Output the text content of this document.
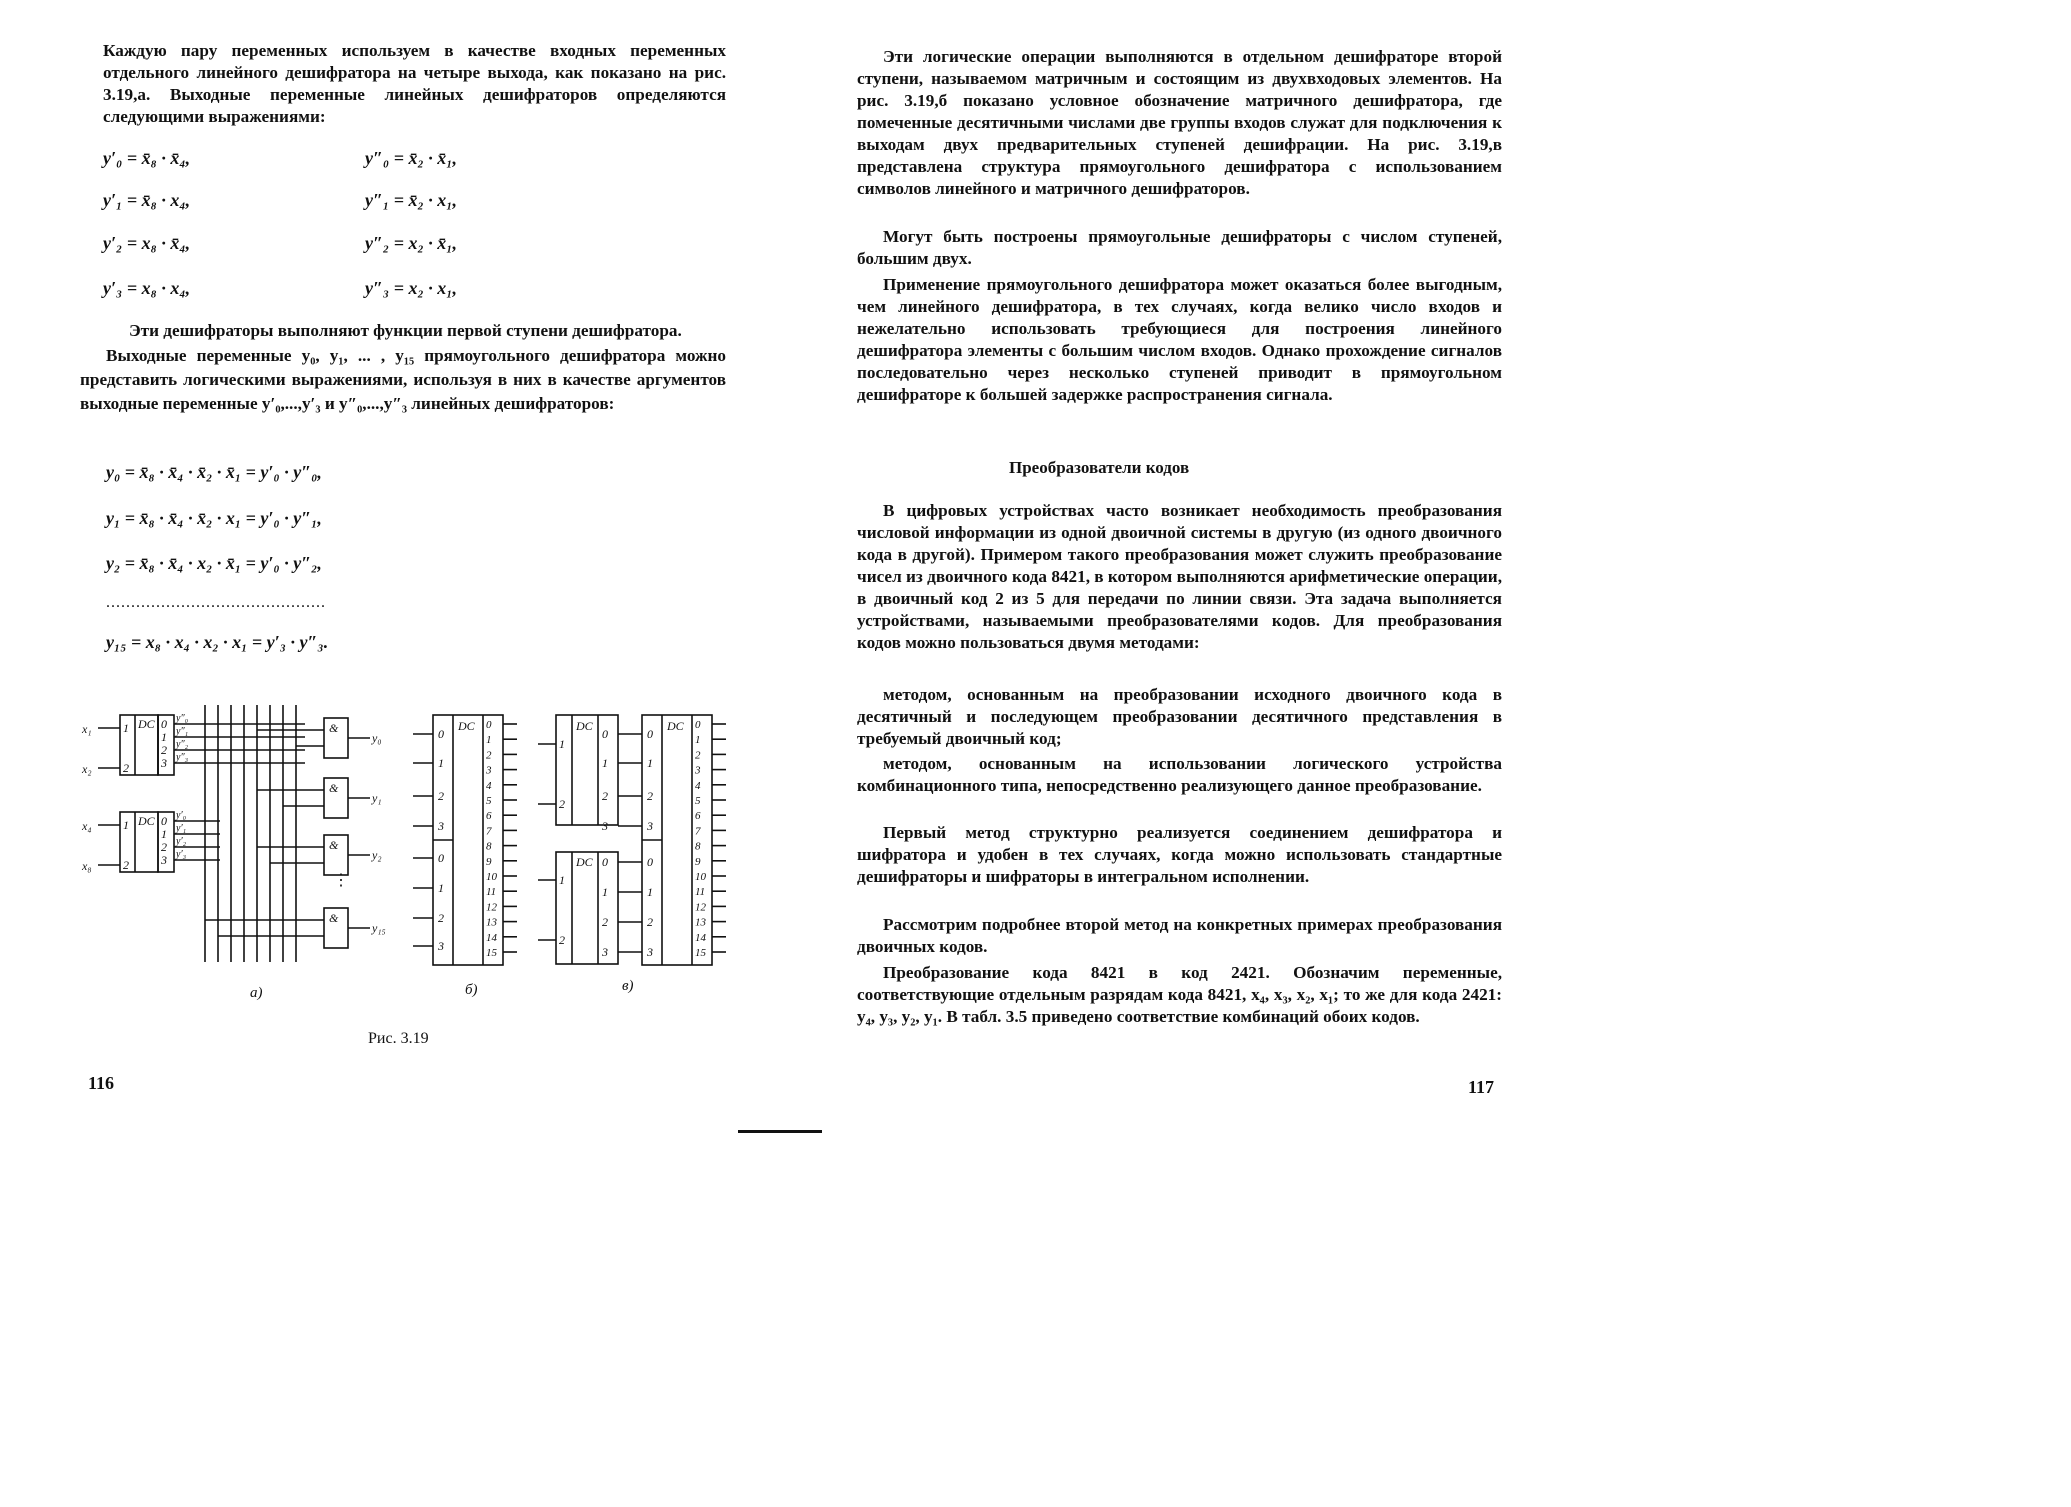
Каждую пару переменных используем в качестве входных переменных отдельного линейного дешифратора на четыре выхода, как показано на рис. 3.19,а. Выходные переменные линейных дешифраторов определяются следующими выражениями:

y′₀ = x̄₈ · x̄₄,
y′₁ = x̄₈ · x₄,
y′₂ = x₈ · x̄₄,
y′₃ = x₈ · x₄,
y″₀ = x̄₂ · x̄₁,
y″₁ = x̄₂ · x₁,
y″₂ = x₂ · x̄₁,
y″₃ = x₂ · x₁,

Эти дешифраторы выполняют функции первой ступени дешифратора.

Выходные переменные y₀, y₁, ... , y₁₅ прямоугольного дешифратора можно представить логическими выражениями, используя в них в качестве аргументов выходные переменные y′₀,...,y′₃ и y″₀,...,y″₃ линейных дешифраторов:

y₀ = x̄₈ · x̄₄ · x̄₂ · x̄₁ = y′₀ · y″₀,
y₁ = x̄₈ · x̄₄ · x̄₂ · x₁ = y′₀ · y″₁,
y₂ = x̄₈ · x̄₄ · x₂ · x̄₁ = y′₀ · y″₂,
............................................
y₁₅ = x₈ · x₄ · x₂ · x₁ = y′₃ · y″₃.
x₁
x₂
x₄
x₈
1
2
1
2
DC
DC
0
1
2
3
0
1
2
3
y″₀
y″₁
y″₂
y″₃
y′₀
y′₁
y′₂
y′₃
&
&
&
&
y₀
y₁
y₂
y₁₅
⋮
DC
0
1
2
3
0
1
2
3
0
1
2
3
4
5
6
7
8
9
10
11
12
13
14
15
1
2
1
2
DC
DC
0
1
2
3
0
1
2
3
DC
0
1
2
3
0
1
2
3
0
1
2
3
4
5
6
7
8
9
10
11
12
13
14
15
а)	б)	в)
Рис. 3.19
116

Эти логические операции выполняются в отдельном дешифраторе второй ступени, называемом матричным и состоящим из двухвходовых элементов. На рис. 3.19,б показано условное обозначение матричного дешифратора, где помеченные десятичными числами две группы входов служат для подключения к выходам двух предварительных ступеней дешифрации. На рис. 3.19,в представлена структура прямоугольного дешифратора с использованием символов линейного и матричного дешифраторов.

Могут быть построены прямоугольные дешифраторы с числом ступеней, большим двух.

Применение прямоугольного дешифратора может оказаться более выгодным, чем линейного дешифратора, в тех случаях, когда велико число входов и нежелательно использовать требующиеся для построения линейного дешифратора элементы с большим числом входов. Однако прохождение сигналов последовательно через несколько ступеней приводит в прямоугольном дешифраторе к большей задержке распространения сигнала.

Преобразователи кодов

В цифровых устройствах часто возникает необходимость преобразования числовой информации из одной двоичной системы в другую (из одного двоичного кода в другой). Примером такого преобразования может служить преобразование чисел из двоичного кода 8421, в котором выполняются арифметические операции, в двоичный код 2 из 5 для передачи по линии связи. Эта задача выполняется устройствами, называемыми преобразователями кодов. Для преобразования кодов можно пользоваться двумя методами:

методом, основанным на преобразовании исходного двоичного кода в десятичный и последующем преобразовании десятичного представления в требуемый двоичный код;

методом, основанным на использовании логического устройства комбинационного типа, непосредственно реализующего данное преобразование.

Первый метод структурно реализуется соединением дешифратора и шифратора и удобен в тех случаях, когда можно использовать стандартные дешифраторы и шифраторы в интегральном исполнении.

Рассмотрим подробнее второй метод на конкретных примерах преобразования двоичных кодов.

Преобразование кода 8421 в код 2421. Обозначим переменные, соответствующие отдельным разрядам кода 8421, x₄, x₃, x₂, x₁; то же для кода 2421: y₄, y₃, y₂, y₁. В табл. 3.5 приведено соответствие комбинаций обоих кодов.

117
